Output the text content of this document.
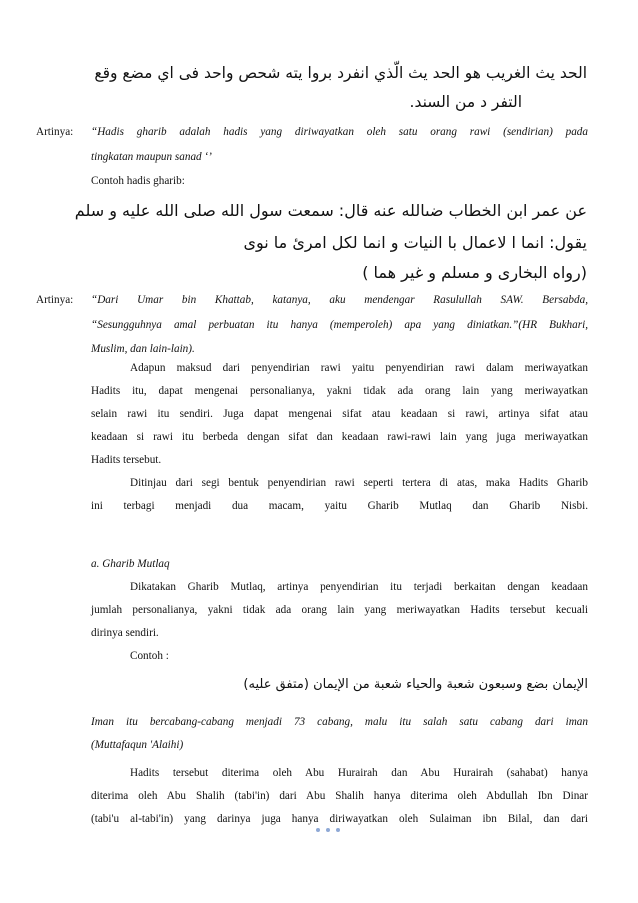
الحد يث الغريب هو الحد يث الّذي انفرد بروا يته شحص واحد فى اي مضع وقع
التفر د من السند.
Artinya: “Hadis gharib adalah hadis yang diriwayatkan oleh satu orang rawi (sendirian) pada
tingkatan maupun sanad ‘’
Contoh hadis gharib:
عن عمر ابن الخطاب ضىالله عنه قال: سمعت سول الله صلى الله عليه و سلم
يقول: انما ا لاعمال با النيات و انما لكل امرئ ما نوى
(رواه البخارى و مسلم و غير هما )
Artinya: “Dari Umar bin Khattab, katanya, aku mendengar Rasulullah SAW. Bersabda,
“Sesungguhnya amal perbuatan itu hanya (memperoleh) apa yang diniatkan.”(HR Bukhari,
Muslim, dan lain-lain).
Adapun maksud dari penyendirian rawi yaitu penyendirian rawi dalam meriwayatkan
Hadits itu, dapat mengenai personalianya, yakni tidak ada orang lain yang meriwayatkan
selain rawi itu sendiri. Juga dapat mengenai sifat atau keadaan si rawi, artinya sifat atau
keadaan si rawi itu berbeda dengan sifat dan keadaan rawi-rawi lain yang juga meriwayatkan
Hadits tersebut.
Ditinjau dari segi bentuk penyendirian rawi seperti tertera di atas, maka Hadits Gharib
ini terbagi menjadi dua macam, yaitu Gharib Mutlaq dan Gharib Nisbi.
a. Gharib Mutlaq
Dikatakan Gharib Mutlaq, artinya penyendirian itu terjadi berkaitan dengan keadaan
jumlah personalianya, yakni tidak ada orang lain yang meriwayatkan Hadits tersebut kecuali
dirinya sendiri.
Contoh :
الإيمان بضع وسبعون شعبة والحياء شعبة من الإيمان (متفق عليه)
Iman itu bercabang-cabang menjadi 73 cabang, malu itu salah satu cabang dari iman
(Muttafaqun 'Alaihi)
Hadits tersebut diterima oleh Abu Hurairah dan Abu Hurairah (sahabat) hanya
diterima oleh Abu Shalih (tabi'in) dari Abu Shalih hanya diterima oleh Abdullah Ibn Dinar
(tabi'u al-tabi'in) yang darinya juga hanya diriwayatkan oleh Sulaiman ibn Bilal, dan dari
